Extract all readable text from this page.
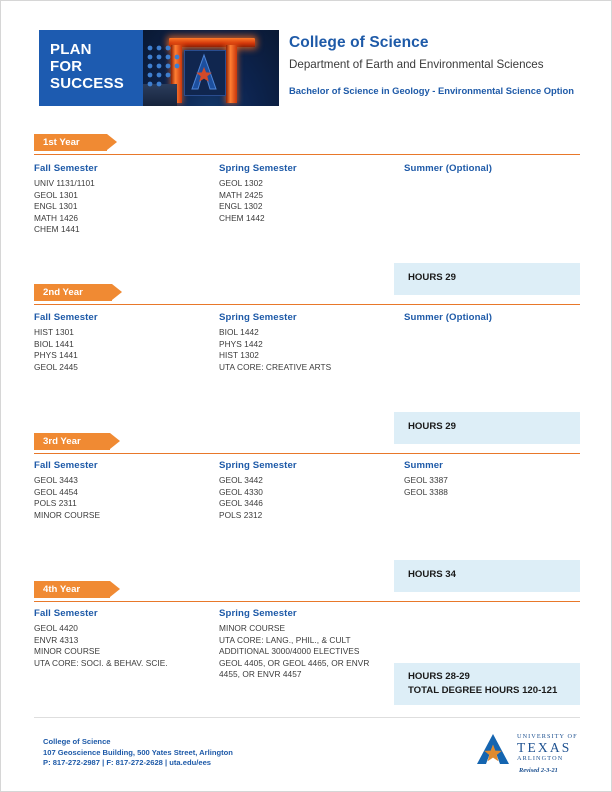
PLAN
FOR
SUCCESS
College of Science
Department of Earth and Environmental Sciences
Bachelor of Science in Geology - Environmental Science Option
1st Year
Fall Semester
UNIV 1131/1101
GEOL 1301
ENGL 1301
MATH 1426
CHEM 1441
Spring Semester
GEOL 1302
MATH 2425
ENGL 1302
CHEM 1442
Summer (Optional)
HOURS 29
2nd Year
Fall Semester
HIST 1301
BIOL 1441
PHYS 1441
GEOL 2445
Spring Semester
BIOL 1442
PHYS 1442
HIST 1302
UTA CORE: CREATIVE ARTS
Summer (Optional)
HOURS 29
3rd Year
Fall Semester
GEOL 3443
GEOL 4454
POLS 2311
MINOR COURSE
Spring Semester
GEOL 3442
GEOL 4330
GEOL 3446
POLS 2312
Summer
GEOL 3387
GEOL 3388
HOURS 34
4th Year
Fall Semester
GEOL 4420
ENVR 4313
MINOR COURSE
UTA CORE: SOCI. & BEHAV. SCIE.
Spring Semester
MINOR COURSE
UTA CORE: LANG., PHIL., & CULT
ADDITIONAL 3000/4000 ELECTIVES
GEOL 4405, OR GEOL 4465, OR ENVR 4455, OR ENVR 4457	HOURS 28-29
TOTAL DEGREE HOURS 120-121
College of Science
107 Geoscience Building, 500 Yates Street, Arlington
P: 817-272-2987 | F: 817-272-2628 | uta.edu/ees
UNIVERSITY OF
TEXAS
ARLINGTON
Revised 2-3-21
